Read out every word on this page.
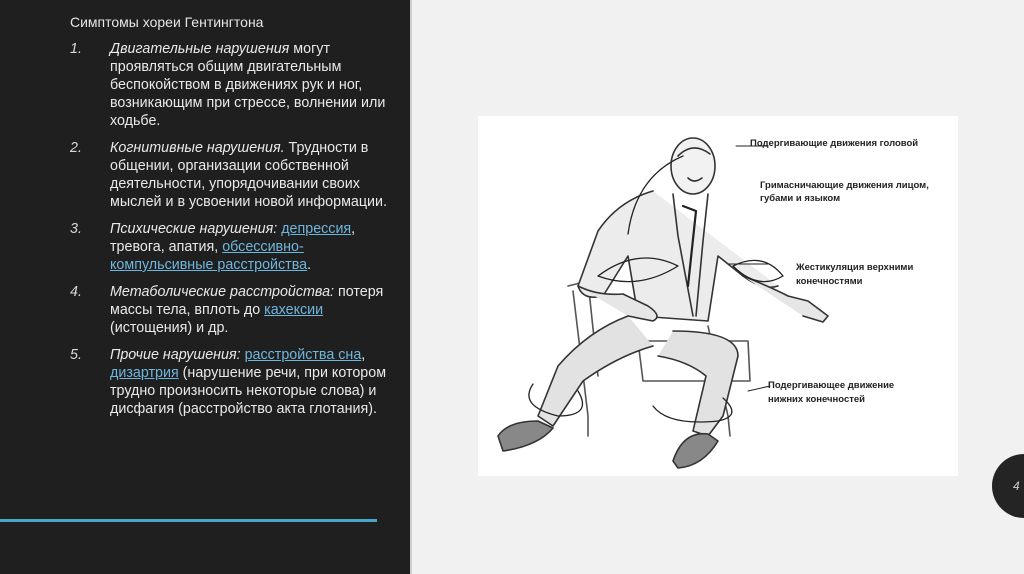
Симптомы хореи Гентингтона
1. Двигательные нарушения могут проявляться общим двигательным беспокойством в движениях рук и ног, возникающим при стрессе, волнении или ходьбе.
2. Когнитивные нарушения. Трудности в общении, организации собственной деятельности, упорядочивании своих мыслей и в усвоении новой информации.
3. Психические нарушения: депрессия, тревога, апатия, обсессивно-компульсивные расстройства.
4. Метаболические расстройства: потеря массы тела, вплоть до кахексии (истощения) и др.
5. Прочие нарушения: расстройства сна, дизартрия (нарушение речи, при котором трудно произносить некоторые слова) и дисфагия (расстройство акта глотания).
Подергивающие движения головой
Гримасничающие движения лицом,
губами и языком
Жестикуляция верхними
конечностями
Подергивающее движение
нижних конечностей
4
